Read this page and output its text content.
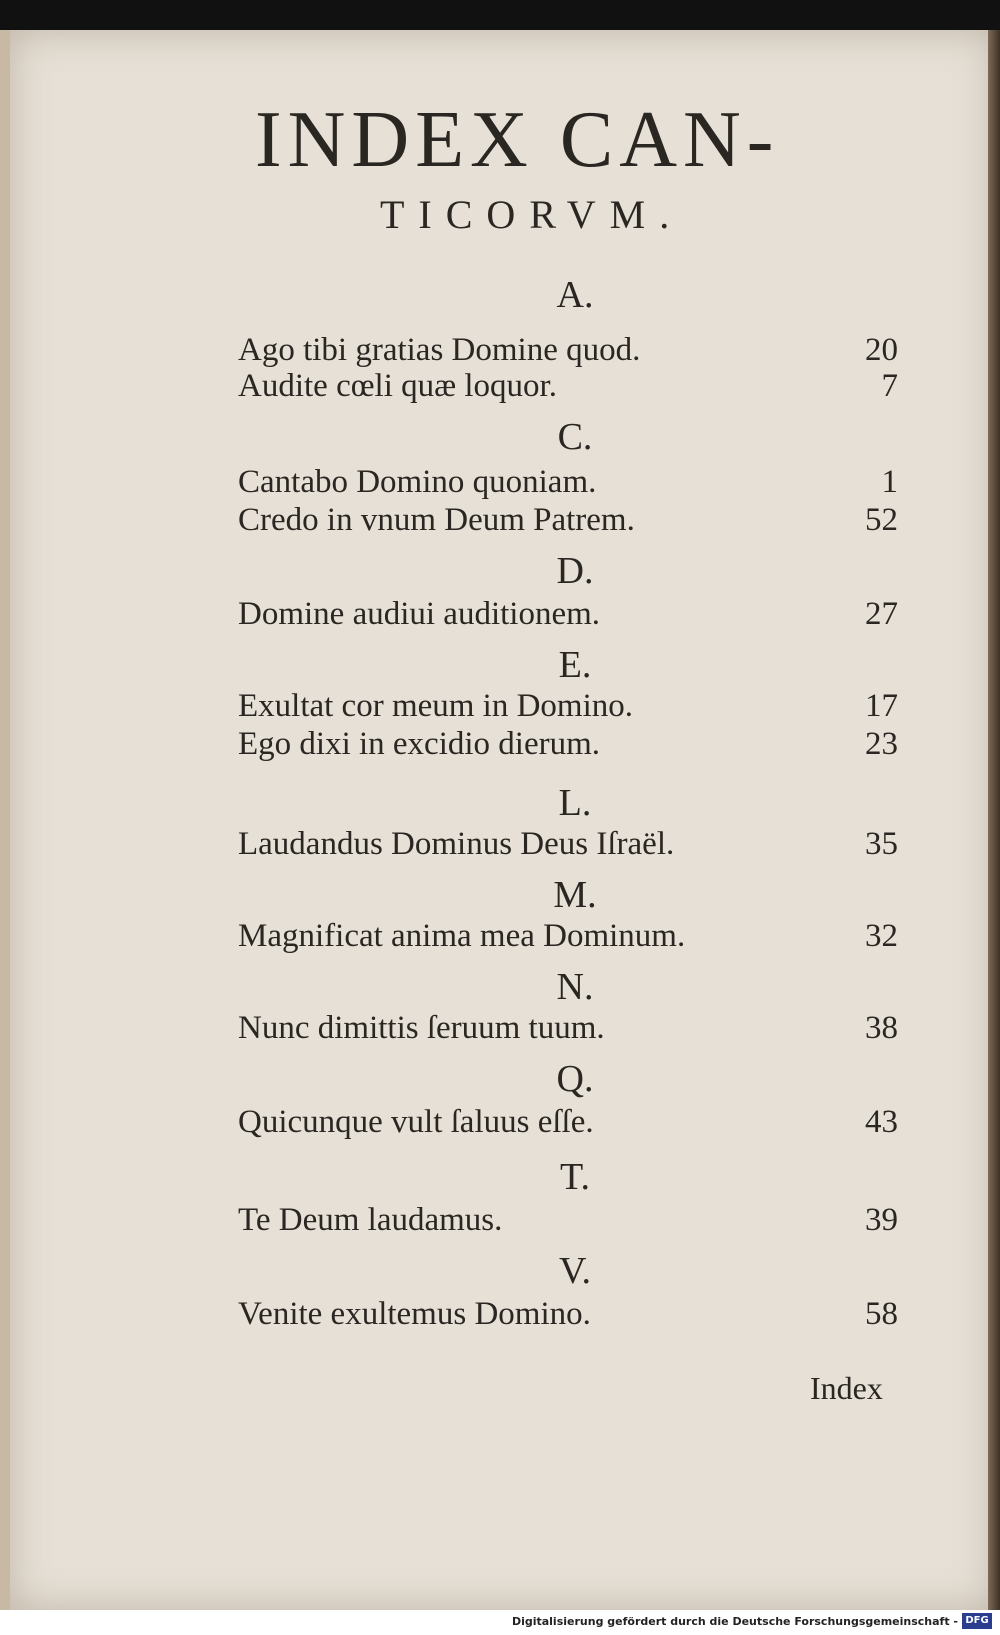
INDEX CAN-
TICORVM.
A.
Ago tibi gratias Domine quod.	20
Audite cœli quæ loquor.	7
C.
Cantabo Domino quoniam.	1
Credo in vnum Deum Patrem.	52
D.
Domine audiui auditionem.	27
E.
Exultat cor meum in Domino.	17
Ego dixi in excidio dierum.	23
L.
Laudandus Dominus Deus Iſraël.	35
M.
Magnificat anima mea Dominum.	32
N.
Nunc dimittis ſeruum tuum.	38
Q.
Quicunque vult ſaluus eſſe.	43
T.
Te Deum laudamus.	39
V.
Venite exultemus Domino.	58
Index
Digitalisierung gefördert durch die Deutsche Forschungsgemeinschaft - DFG
